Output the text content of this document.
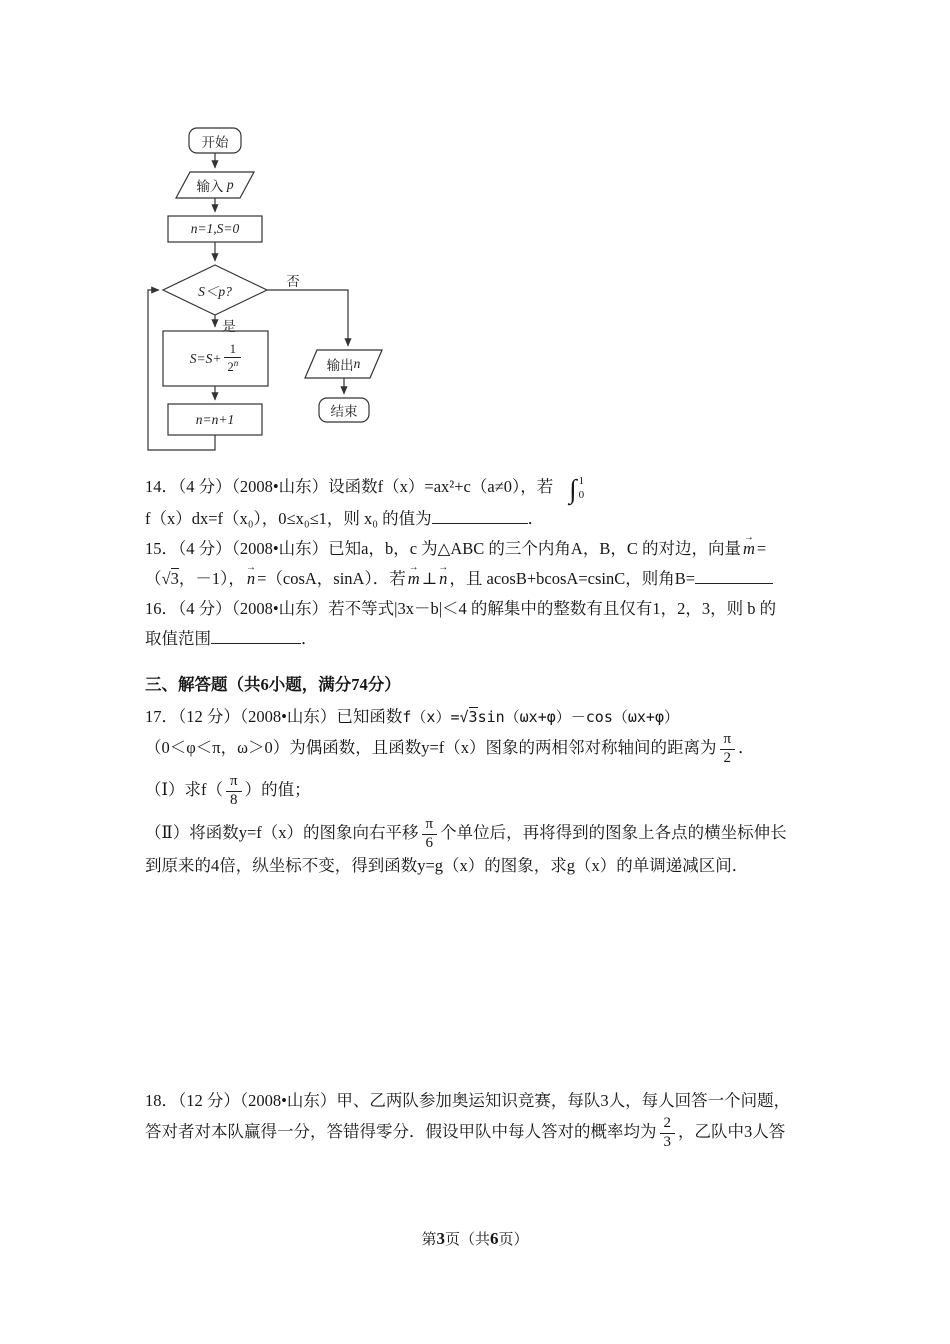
开始
输入
p
n=1,S=0
S＜p?
否
是
$S=S+ \frac{1}{2^n}$
n=n+1
输出 n
结束

14．（4 分）（2008•山东）设函数f（x）=ax²+c（a≠0），若 ∫ 1
0

f（x）dx=f（x₀），0≤x₀≤1，则 x₀ 的值为	．

15．（4 分）（2008•山东）已知a，b，c 为△ABC 的三个内角A，B，C 的对边，向量 → m =

（√3，－1）， → n =（cosA，sinA）．若 → m ⊥ → n ，且 acosB+bcosA=csinC，则角B=

16．（4 分）（2008•山东）若不等式|3x－b|＜4 的解集中的整数有且仅有1，2，3，则 b 的

取值范围	．

三、解答题（共6小题，满分74分）

17．（12 分）（2008•山东）已知函数f（x）=√3sin（ωx+φ）－cos（ωx+φ）

（0＜φ＜π，ω＞0）为偶函数，且函数y=f（x）图象的两相邻对称轴间的距离为 $\frac{\pi}{2}$ ．

（Ⅰ）求$f( \frac{\pi}{8}$ ）的值；

（Ⅱ）将函数y=f（x）的图象向右平移 $\frac{\pi}{6}$ 个单位后，再将得到的图象上各点的横坐标伸长

到原来的4倍，纵坐标不变，得到函数y=g（x）的图象，求g（x）的单调递减区间．

18．（12 分）（2008•山东）甲、乙两队参加奥运知识竞赛，每队3人，每人回答一个问题，

答对者对本队赢得一分，答错得零分．假设甲队中每人答对的概率均为 $\frac{2}{3}$ ，乙队中3人答

第3页（共6页）
